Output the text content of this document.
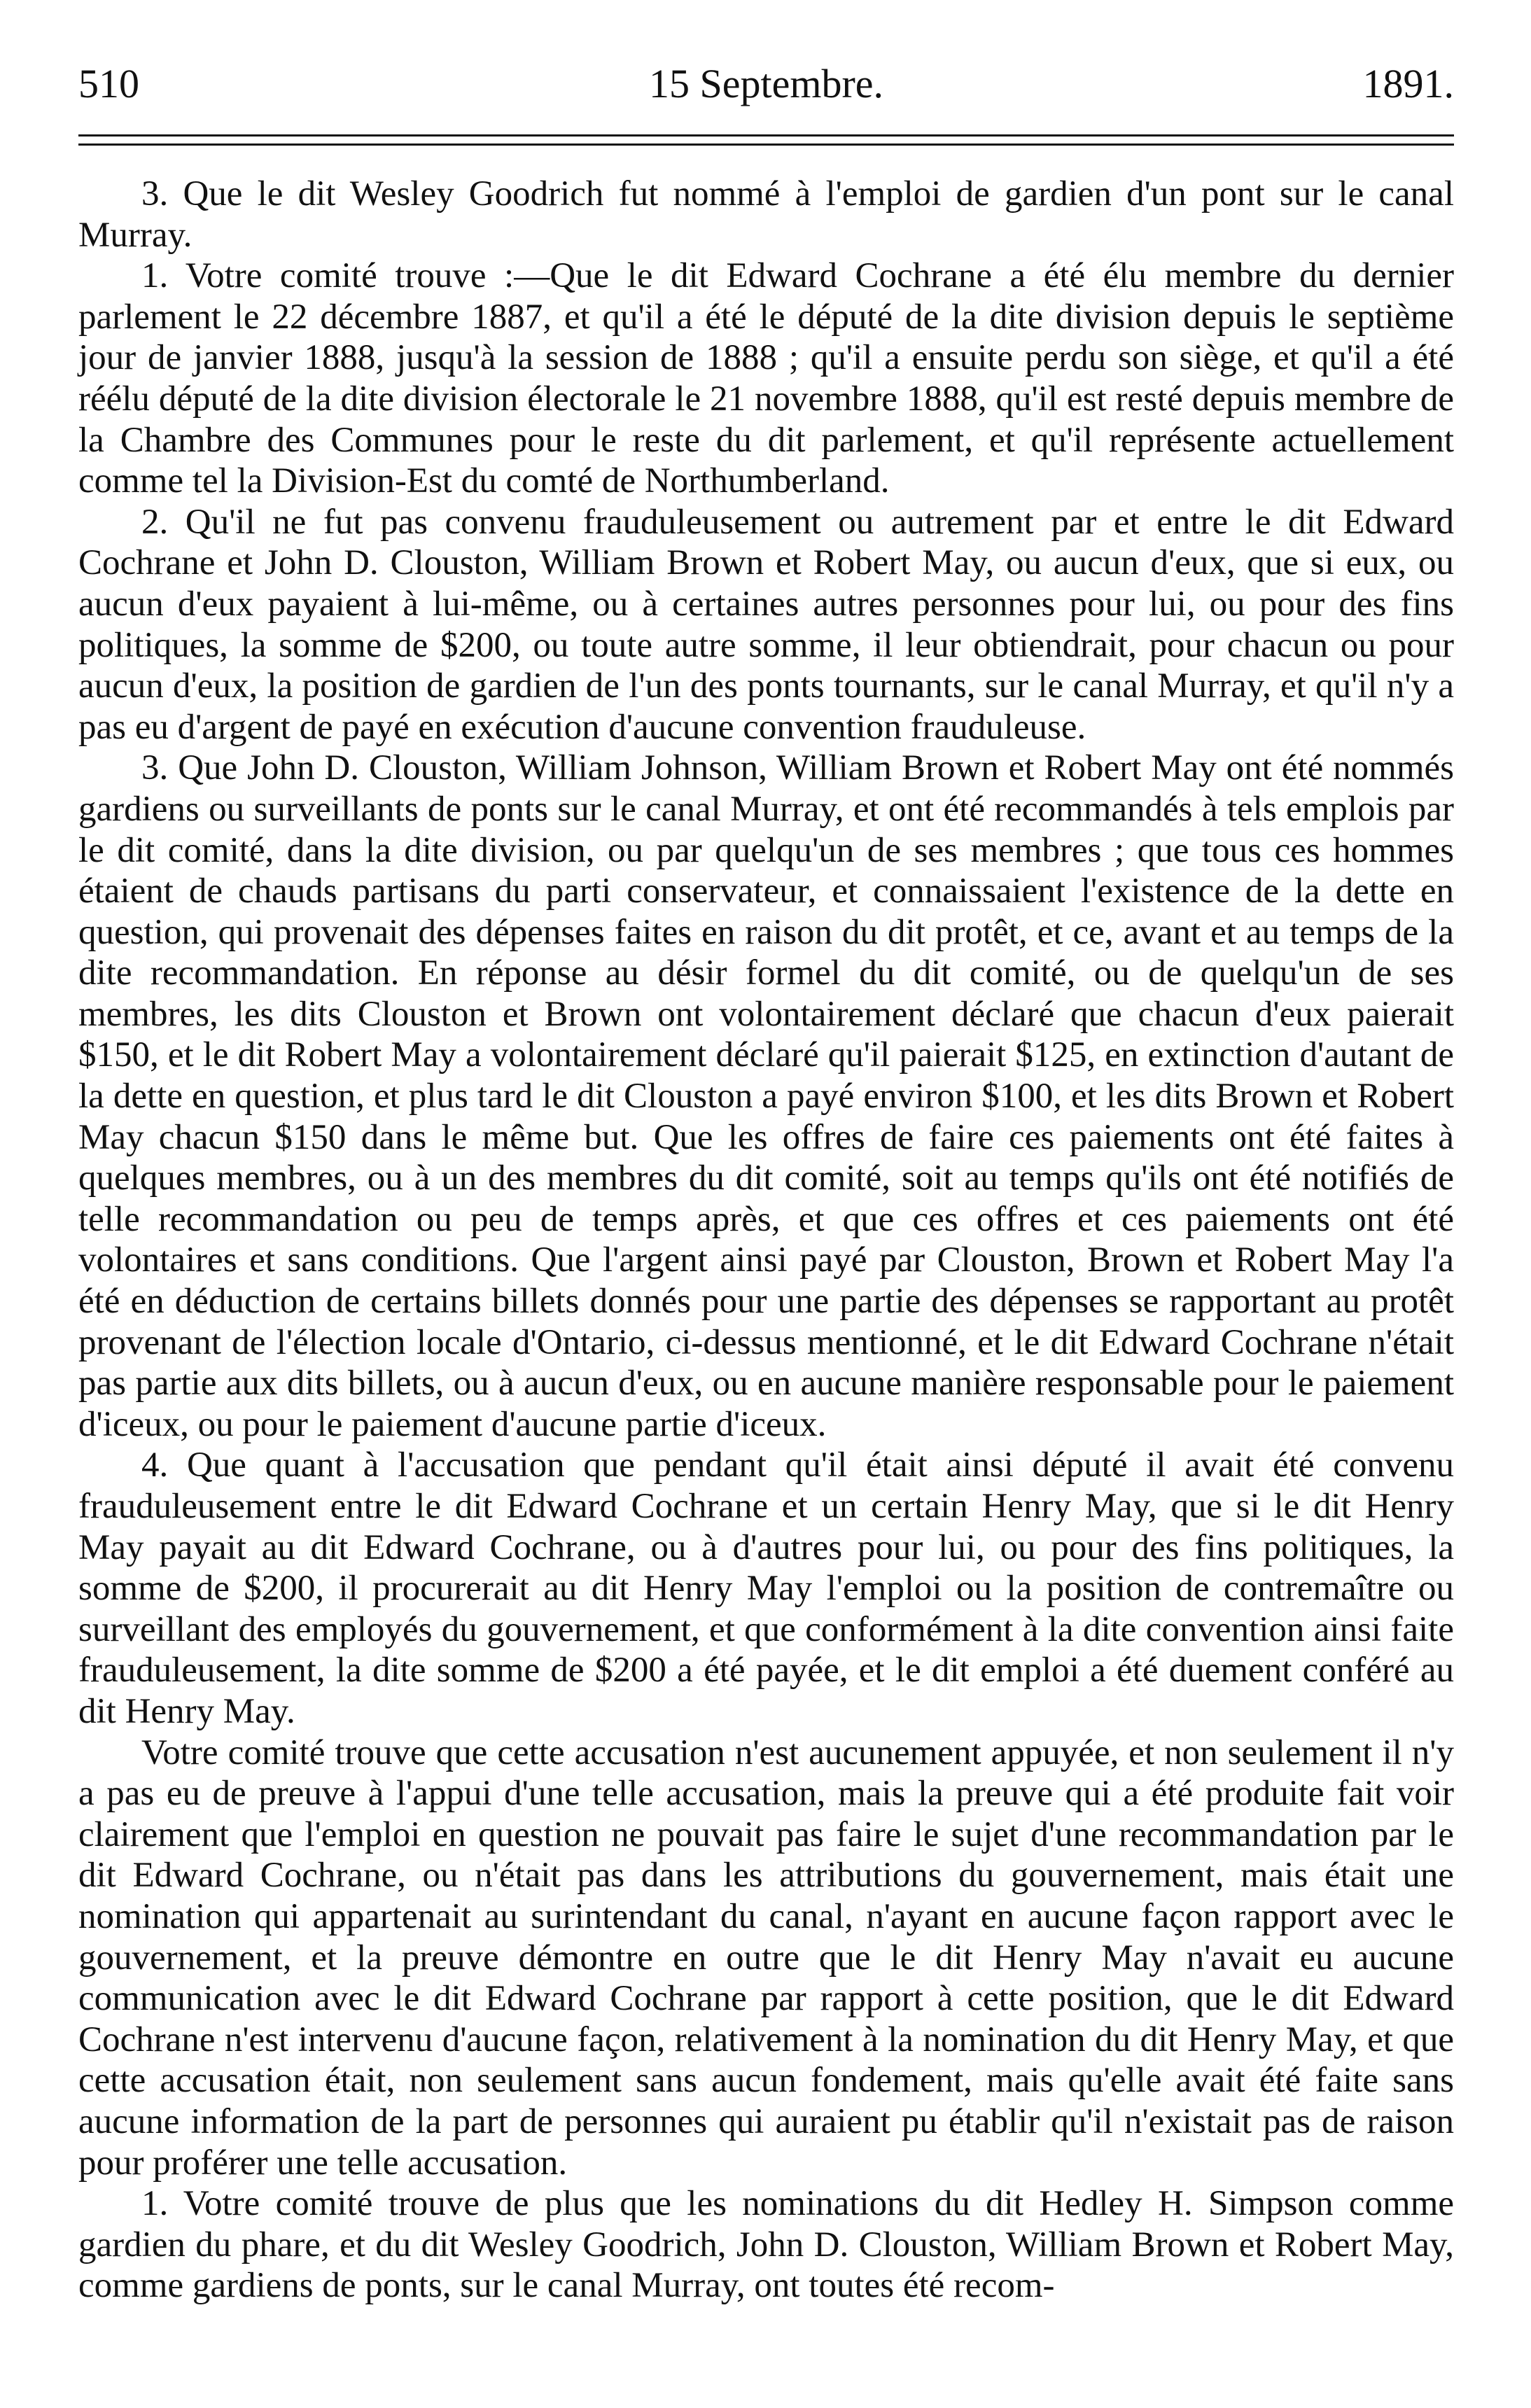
510	15 Septembre.	1891.

3. Que le dit Wesley Goodrich fut nommé à l'emploi de gardien d'un pont sur le canal Murray.

1. Votre comité trouve :—Que le dit Edward Cochrane a été élu membre du dernier parlement le 22 décembre 1887, et qu'il a été le député de la dite division depuis le septième jour de janvier 1888, jusqu'à la session de 1888 ; qu'il a ensuite perdu son siège, et qu'il a été réélu député de la dite division électorale le 21 novembre 1888, qu'il est resté depuis membre de la Chambre des Communes pour le reste du dit parlement, et qu'il représente actuellement comme tel la Division-Est du comté de Northumberland.

2. Qu'il ne fut pas convenu frauduleusement ou autrement par et entre le dit Edward Cochrane et John D. Clouston, William Brown et Robert May, ou aucun d'eux, que si eux, ou aucun d'eux payaient à lui-même, ou à certaines autres personnes pour lui, ou pour des fins politiques, la somme de $200, ou toute autre somme, il leur obtiendrait, pour chacun ou pour aucun d'eux, la position de gardien de l'un des ponts tournants, sur le canal Murray, et qu'il n'y a pas eu d'argent de payé en exécution d'aucune convention frauduleuse.

3. Que John D. Clouston, William Johnson, William Brown et Robert May ont été nommés gardiens ou surveillants de ponts sur le canal Murray, et ont été recommandés à tels emplois par le dit comité, dans la dite division, ou par quelqu'un de ses membres ; que tous ces hommes étaient de chauds partisans du parti conservateur, et connaissaient l'existence de la dette en question, qui provenait des dépenses faites en raison du dit protêt, et ce, avant et au temps de la dite recommandation. En réponse au désir formel du dit comité, ou de quelqu'un de ses membres, les dits Clouston et Brown ont volontairement déclaré que chacun d'eux paierait $150, et le dit Robert May a volontairement déclaré qu'il paierait $125, en extinction d'autant de la dette en question, et plus tard le dit Clouston a payé environ $100, et les dits Brown et Robert May chacun $150 dans le même but. Que les offres de faire ces paiements ont été faites à quelques membres, ou à un des membres du dit comité, soit au temps qu'ils ont été notifiés de telle recommandation ou peu de temps après, et que ces offres et ces paiements ont été volontaires et sans conditions. Que l'argent ainsi payé par Clouston, Brown et Robert May l'a été en déduction de certains billets donnés pour une partie des dépenses se rapportant au protêt provenant de l'élection locale d'Ontario, ci-dessus mentionné, et le dit Edward Cochrane n'était pas partie aux dits billets, ou à aucun d'eux, ou en aucune manière responsable pour le paiement d'iceux, ou pour le paiement d'aucune partie d'iceux.

4. Que quant à l'accusation que pendant qu'il était ainsi député il avait été convenu frauduleusement entre le dit Edward Cochrane et un certain Henry May, que si le dit Henry May payait au dit Edward Cochrane, ou à d'autres pour lui, ou pour des fins politiques, la somme de $200, il procurerait au dit Henry May l'emploi ou la position de contremaître ou surveillant des employés du gouvernement, et que conformément à la dite convention ainsi faite frauduleusement, la dite somme de $200 a été payée, et le dit emploi a été duement conféré au dit Henry May.

Votre comité trouve que cette accusation n'est aucunement appuyée, et non seulement il n'y a pas eu de preuve à l'appui d'une telle accusation, mais la preuve qui a été produite fait voir clairement que l'emploi en question ne pouvait pas faire le sujet d'une recommandation par le dit Edward Cochrane, ou n'était pas dans les attributions du gouvernement, mais était une nomination qui appartenait au surintendant du canal, n'ayant en aucune façon rapport avec le gouvernement, et la preuve démontre en outre que le dit Henry May n'avait eu aucune communication avec le dit Edward Cochrane par rapport à cette position, que le dit Edward Cochrane n'est intervenu d'aucune façon, relativement à la nomination du dit Henry May, et que cette accusation était, non seulement sans aucun fondement, mais qu'elle avait été faite sans aucune information de la part de personnes qui auraient pu établir qu'il n'existait pas de raison pour proférer une telle accusation.

1. Votre comité trouve de plus que les nominations du dit Hedley H. Simpson comme gardien du phare, et du dit Wesley Goodrich, John D. Clouston, William Brown et Robert May, comme gardiens de ponts, sur le canal Murray, ont toutes été recom-
